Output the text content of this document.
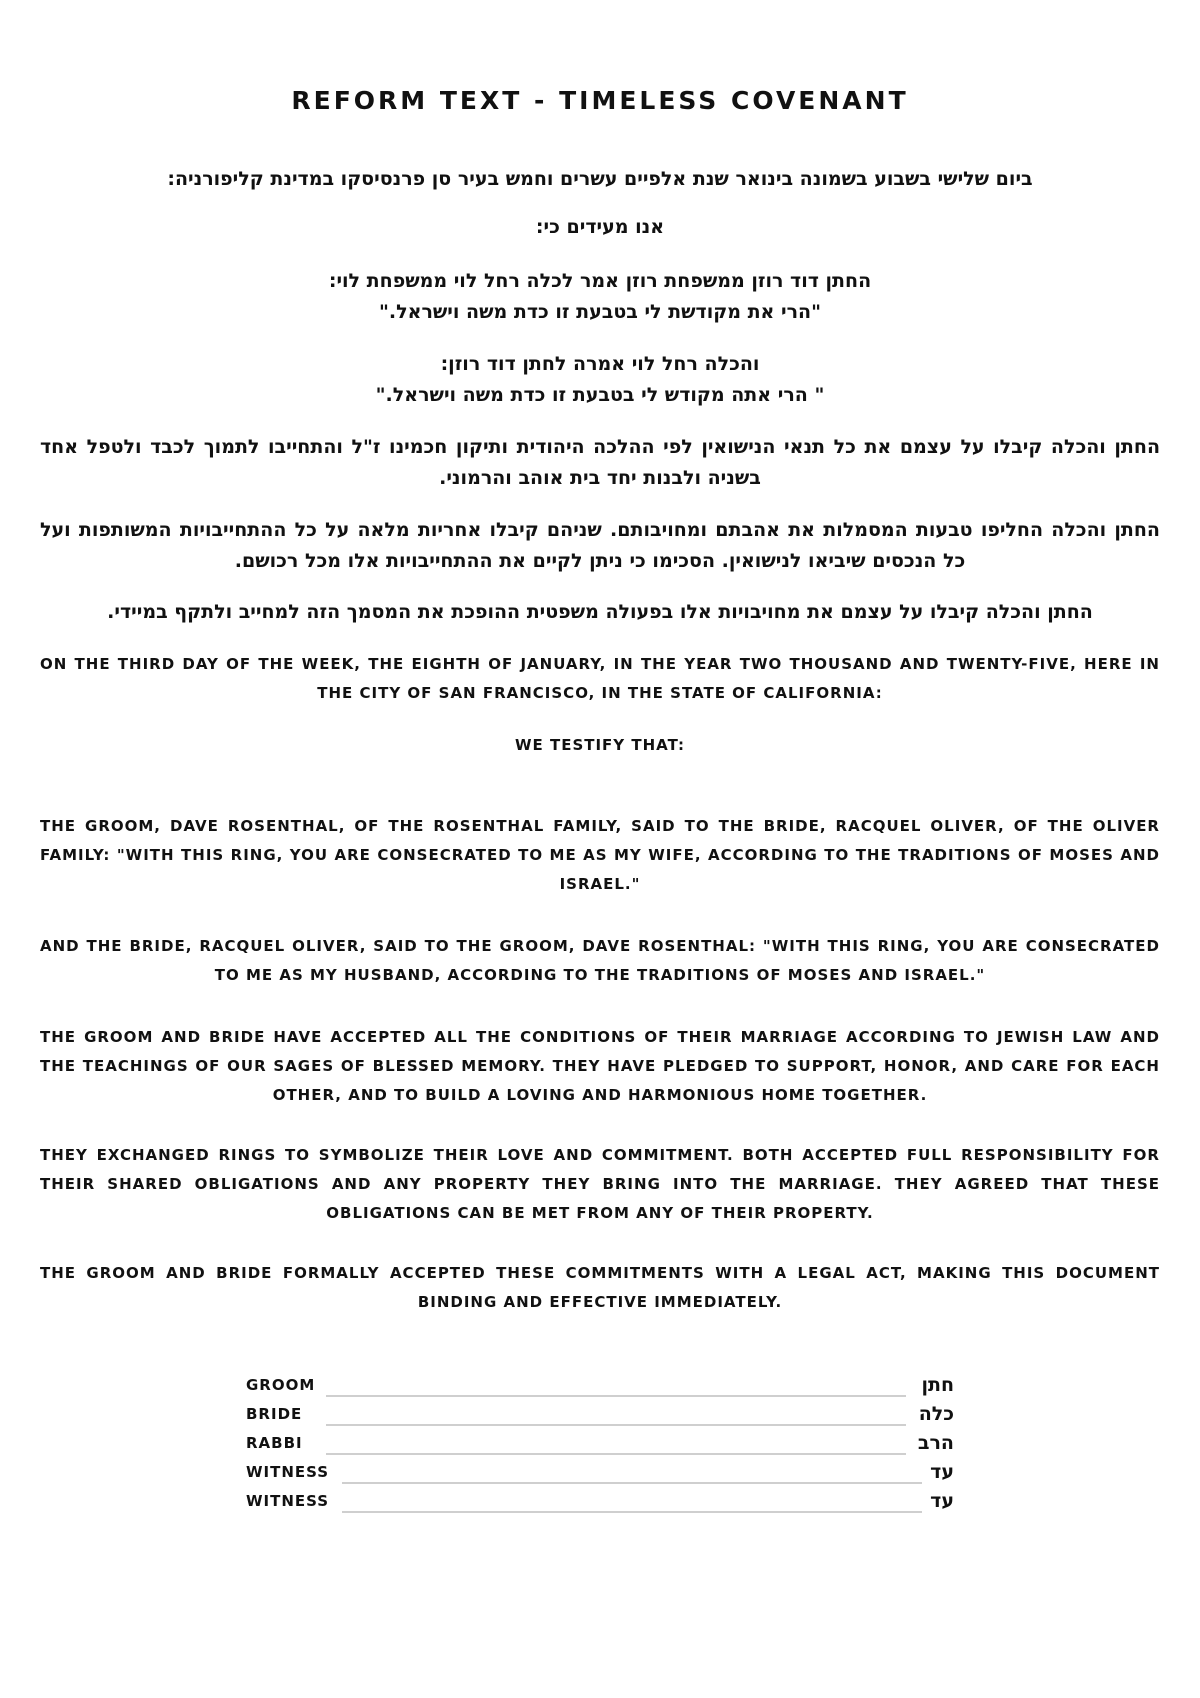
REFORM TEXT - TIMELESS COVENANT
ביום שלישי בשבוע בשמונה בינואר שנת אלפיים עשרים וחמש בעיר סן פרנסיסקו במדינת קליפורניה:
אנו מעידים כי:
החתן דוד רוזן ממשפחת רוזן אמר לכלה רחל לוי ממשפחת לוי:
"הרי את מקודשת לי בטבעת זו כדת משה וישראל."
והכלה רחל לוי אמרה לחתן דוד רוזן:
" הרי אתה מקודש לי בטבעת זו כדת משה וישראל."
החתן והכלה קיבלו על עצמם את כל תנאי הנישואין לפי ההלכה היהודית ותיקון חכמינו ז"ל והתחייבו לתמוך לכבד ולטפל אחד בשניה ולבנות יחד בית אוהב והרמוני.
החתן והכלה החליפו טבעות המסמלות את אהבתם ומחויבותם. שניהם קיבלו אחריות מלאה על כל ההתחייבויות המשותפות ועל כל הנכסים שיביאו לנישואין. הסכימו כי ניתן לקיים את ההתחייבויות אלו מכל רכושם.
החתן והכלה קיבלו על עצמם את מחויבויות אלו בפעולה משפטית ההופכת את המסמך הזה למחייב ולתקף במיידי.
ON THE THIRD DAY OF THE WEEK, THE EIGHTH OF JANUARY, IN THE YEAR TWO THOUSAND AND TWENTY-FIVE, HERE IN THE CITY OF SAN FRANCISCO, IN THE STATE OF CALIFORNIA:
WE TESTIFY THAT:
THE GROOM, DAVE ROSENTHAL, OF THE ROSENTHAL FAMILY, SAID TO THE BRIDE, RACQUEL OLIVER, OF THE OLIVER FAMILY: "WITH THIS RING, YOU ARE CONSECRATED TO ME AS MY WIFE, ACCORDING TO THE TRADITIONS OF MOSES AND ISRAEL."
AND THE BRIDE, RACQUEL OLIVER, SAID TO THE GROOM, DAVE ROSENTHAL: "WITH THIS RING, YOU ARE CONSECRATED TO ME AS MY HUSBAND, ACCORDING TO THE TRADITIONS OF MOSES AND ISRAEL."
THE GROOM AND BRIDE HAVE ACCEPTED ALL THE CONDITIONS OF THEIR MARRIAGE ACCORDING TO JEWISH LAW AND THE TEACHINGS OF OUR SAGES OF BLESSED MEMORY. THEY HAVE PLEDGED TO SUPPORT, HONOR, AND CARE FOR EACH OTHER, AND TO BUILD A LOVING AND HARMONIOUS HOME TOGETHER.
THEY EXCHANGED RINGS TO SYMBOLIZE THEIR LOVE AND COMMITMENT. BOTH ACCEPTED FULL RESPONSIBILITY FOR THEIR SHARED OBLIGATIONS AND ANY PROPERTY THEY BRING INTO THE MARRIAGE. THEY AGREED THAT THESE OBLIGATIONS CAN BE MET FROM ANY OF THEIR PROPERTY.
THE GROOM AND BRIDE FORMALLY ACCEPTED THESE COMMITMENTS WITH A LEGAL ACT, MAKING THIS DOCUMENT BINDING AND EFFECTIVE IMMEDIATELY.
GROOM	חתן
BRIDE	כלה
RABBI	הרב
WITNESS	עד
WITNESS	עד
